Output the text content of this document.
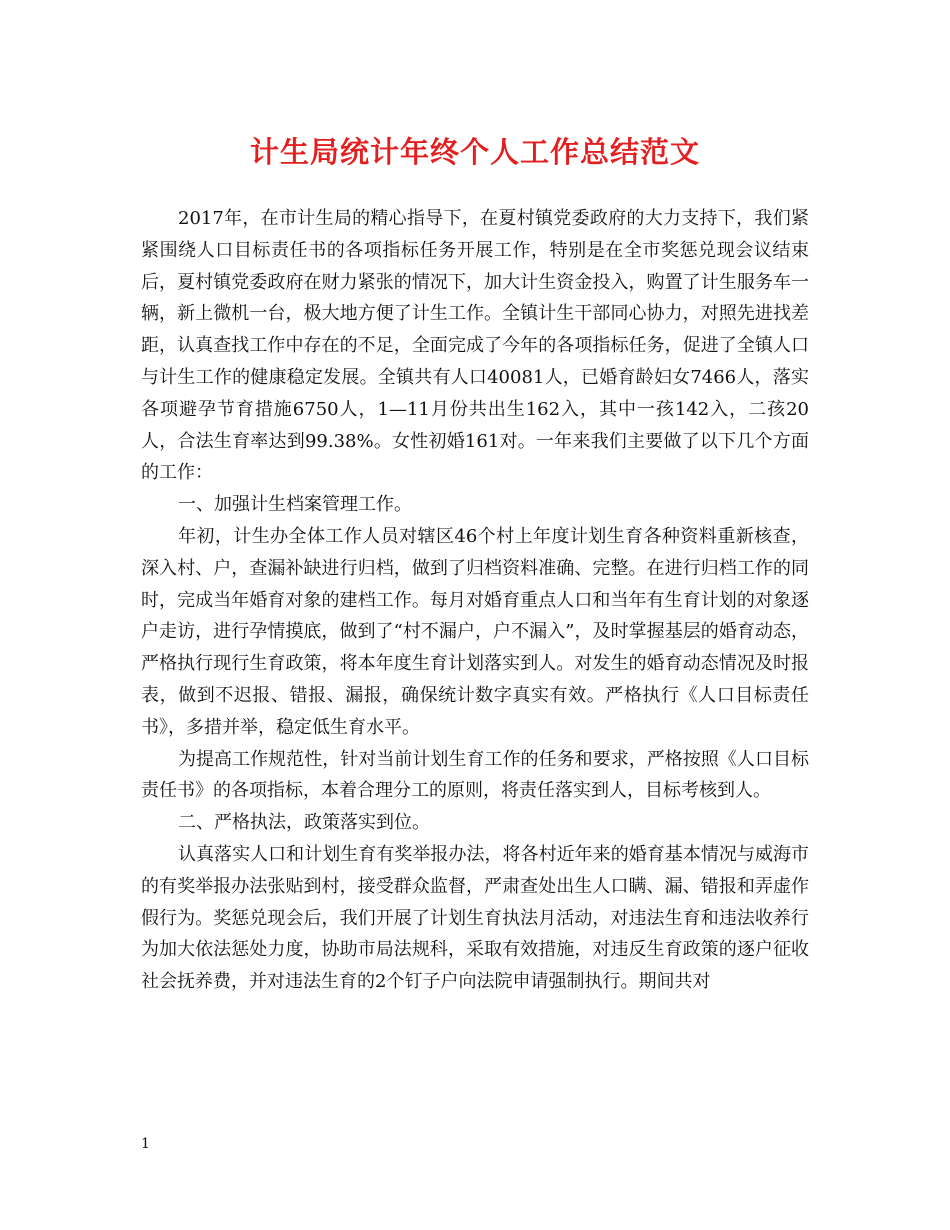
计生局统计年终个人工作总结范文

2017年，在市计生局的精心指导下，在夏村镇党委政府的大力支持下，我们紧紧围绕人口目标责任书的各项指标任务开展工作，特别是在全市奖惩兑现会议结束后，夏村镇党委政府在财力紧张的情况下，加大计生资金投入，购置了计生服务车一辆，新上微机一台，极大地方便了计生工作。全镇计生干部同心协力，对照先进找差距，认真查找工作中存在的不足，全面完成了今年的各项指标任务，促进了全镇人口与计生工作的健康稳定发展。全镇共有人口40081人，已婚育龄妇女7466人，落实各项避孕节育措施6750人，1—11月份共出生162入，其中一孩142入，二孩20人，合法生育率达到99.38%。女性初婚161对。一年来我们主要做了以下几个方面的工作：

一、加强计生档案管理工作。

年初，计生办全体工作人员对辖区46个村上年度计划生育各种资料重新核查，深入村、户，查漏补缺进行归档，做到了归档资料准确、完整。在进行归档工作的同时，完成当年婚育对象的建档工作。每月对婚育重点人口和当年有生育计划的对象逐户走访，进行孕情摸底，做到了“村不漏户，户不漏入”，及时掌握基层的婚育动态，严格执行现行生育政策，将本年度生育计划落实到人。对发生的婚育动态情况及时报表，做到不迟报、错报、漏报，确保统计数字真实有效。严格执行《人口目标责任书》，多措并举，稳定低生育水平。

为提高工作规范性，针对当前计划生育工作的任务和要求，严格按照《人口目标责任书》的各项指标，本着合理分工的原则，将责任落实到人，目标考核到人。

二、严格执法，政策落实到位。

认真落实人口和计划生育有奖举报办法，将各村近年来的婚育基本情况与威海市的有奖举报办法张贴到村，接受群众监督，严肃查处出生人口瞒、漏、错报和弄虚作假行为。奖惩兑现会后，我们开展了计划生育执法月活动，对违法生育和违法收养行为加大依法惩处力度，协助市局法规科，采取有效措施，对违反生育政策的逐户征收社会抚养费，并对违法生育的2个钉子户向法院申请强制执行。期间共对

1
